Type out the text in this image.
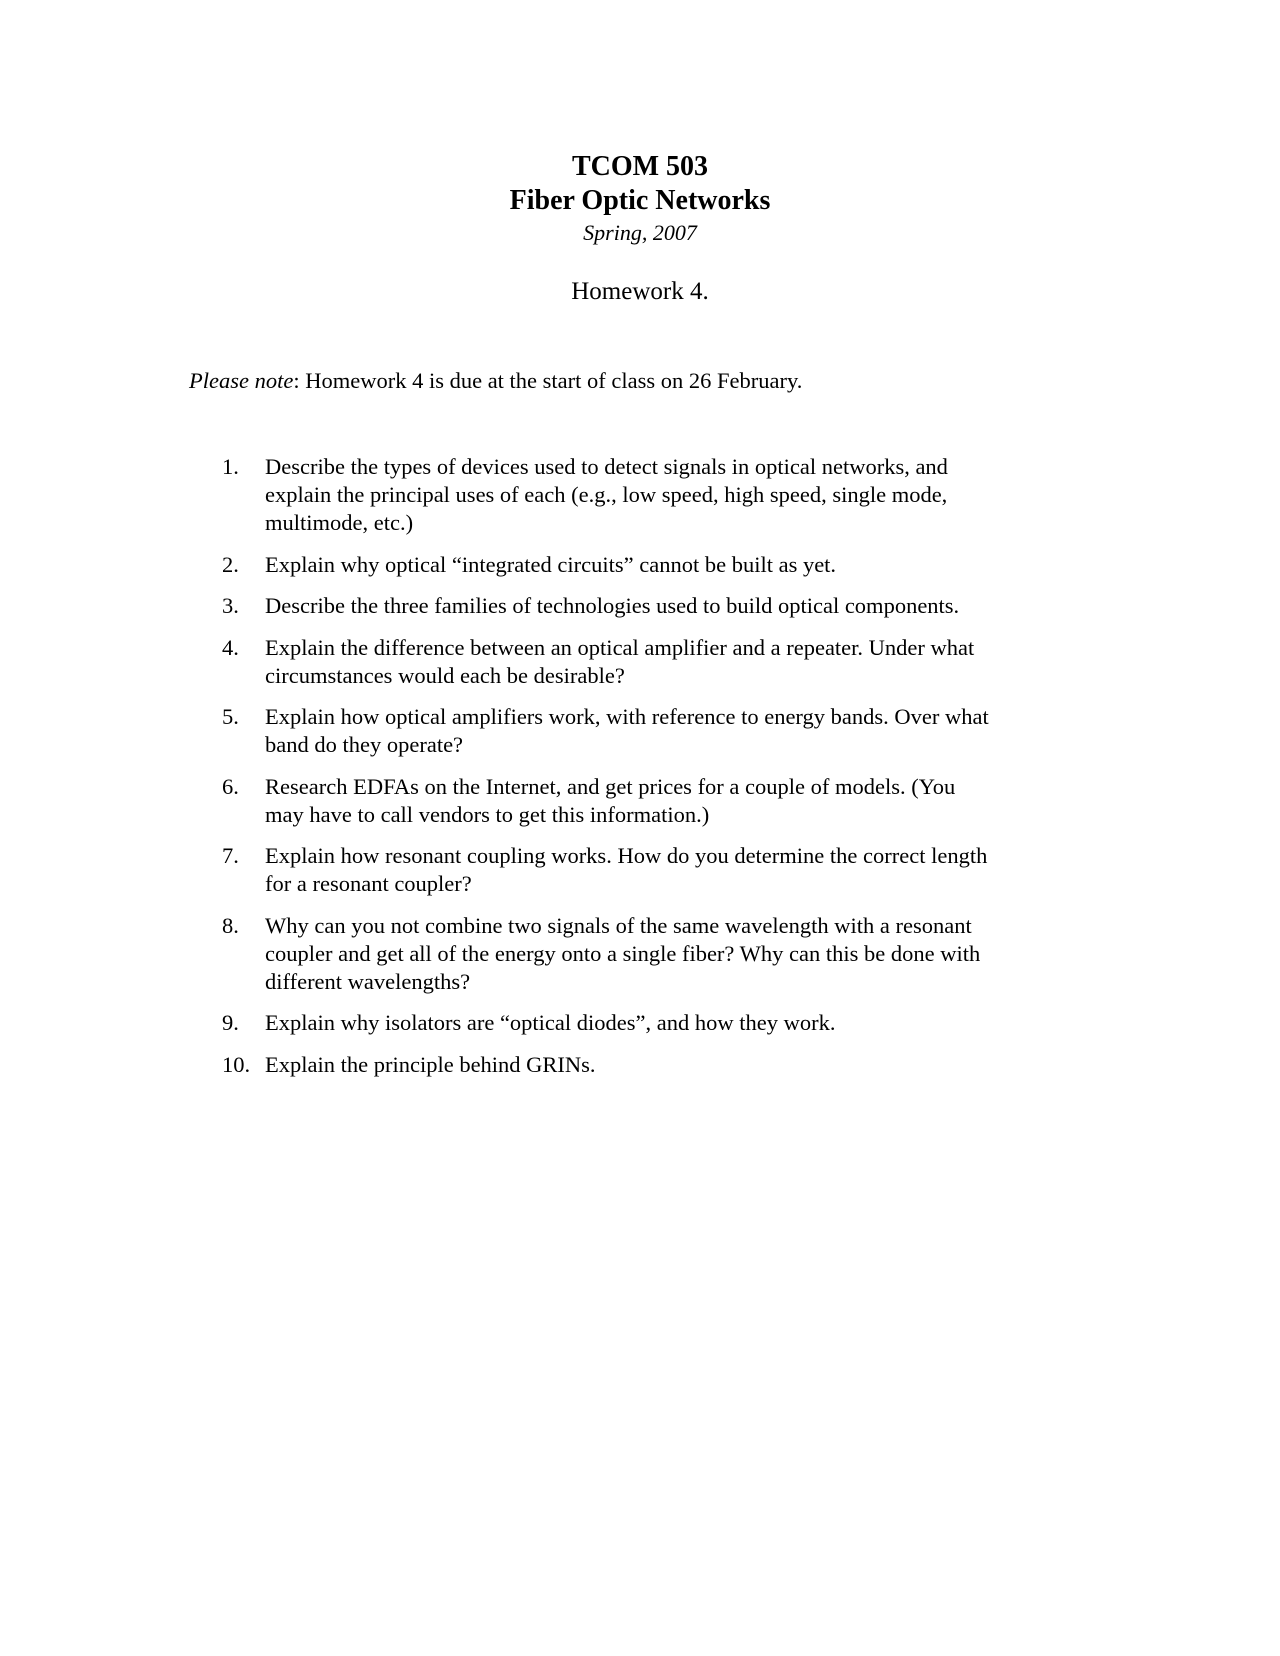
TCOM 503
Fiber Optic Networks
Spring, 2007
Homework 4.
Please note: Homework 4 is due at the start of class on 26 February.
1.	Describe the types of devices used to detect signals in optical networks, and
explain the principal uses of each (e.g., low speed, high speed, single mode,
multimode, etc.)
2.	Explain why optical “integrated circuits” cannot be built as yet.
3.	Describe the three families of technologies used to build optical components.
4.	Explain the difference between an optical amplifier and a repeater. Under what
circumstances would each be desirable?
5.	Explain how optical amplifiers work, with reference to energy bands. Over what
band do they operate?
6.	Research EDFAs on the Internet, and get prices for a couple of models. (You
may have to call vendors to get this information.)
7.	Explain how resonant coupling works. How do you determine the correct length
for a resonant coupler?
8.	Why can you not combine two signals of the same wavelength with a resonant
coupler and get all of the energy onto a single fiber? Why can this be done with
different wavelengths?
9.	Explain why isolators are “optical diodes”, and how they work.
10. Explain the principle behind GRINs.
